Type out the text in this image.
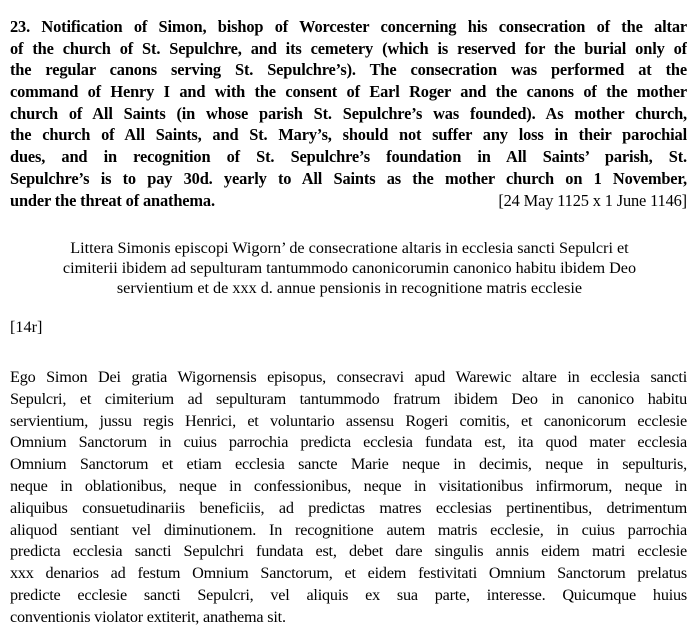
23. Notification of Simon, bishop of Worcester concerning his consecration of the altar
of the church of St. Sepulchre, and its cemetery (which is reserved for the burial only of
the regular canons serving St. Sepulchre’s). The consecration was performed at the
command of Henry I and with the consent of Earl Roger and the canons of the mother
church of All Saints (in whose parish St. Sepulchre’s was founded). As mother church,
the church of All Saints, and St. Mary’s, should not suffer any loss in their parochial
dues, and in recognition of St. Sepulchre’s foundation in All Saints’ parish, St.
Sepulchre’s is to pay 30d. yearly to All Saints as the mother church on 1 November,
under the threat of anathema.	[24 May 1125 x 1 June 1146]
Littera Simonis episcopi Wigorn’ de consecratione altaris in ecclesia sancti Sepulcri et
cimiterii ibidem ad sepulturam tantummodo canonicorumin canonico habitu ibidem Deo
servientium et de xxx d. annue pensionis in recognitione matris ecclesie
[14r]
Ego Simon Dei gratia Wigornensis episopus, consecravi apud Warewic altare in ecclesia sancti
Sepulcri, et cimiterium ad sepulturam tantummodo fratrum ibidem Deo in canonico habitu
servientium, jussu regis Henrici, et voluntario assensu Rogeri comitis, et canonicorum ecclesie
Omnium Sanctorum in cuius parrochia predicta ecclesia fundata est, ita quod mater ecclesia
Omnium Sanctorum et etiam ecclesia sancte Marie neque in decimis, neque in sepulturis,
neque in oblationibus, neque in confessionibus, neque in visitationibus infirmorum, neque in
aliquibus consuetudinariis beneficiis, ad predictas matres ecclesias pertinentibus, detrimentum
aliquod sentiant vel diminutionem. In recognitione autem matris ecclesie, in cuius parrochia
predicta ecclesia sancti Sepulchri fundata est, debet dare singulis annis eidem matri ecclesie
xxx denarios ad festum Omnium Sanctorum, et eidem festivitati Omnium Sanctorum prelatus
predicte ecclesie sancti Sepulcri, vel aliquis ex sua parte, interesse. Quicumque huius
conventionis violator extiterit, anathema sit.
